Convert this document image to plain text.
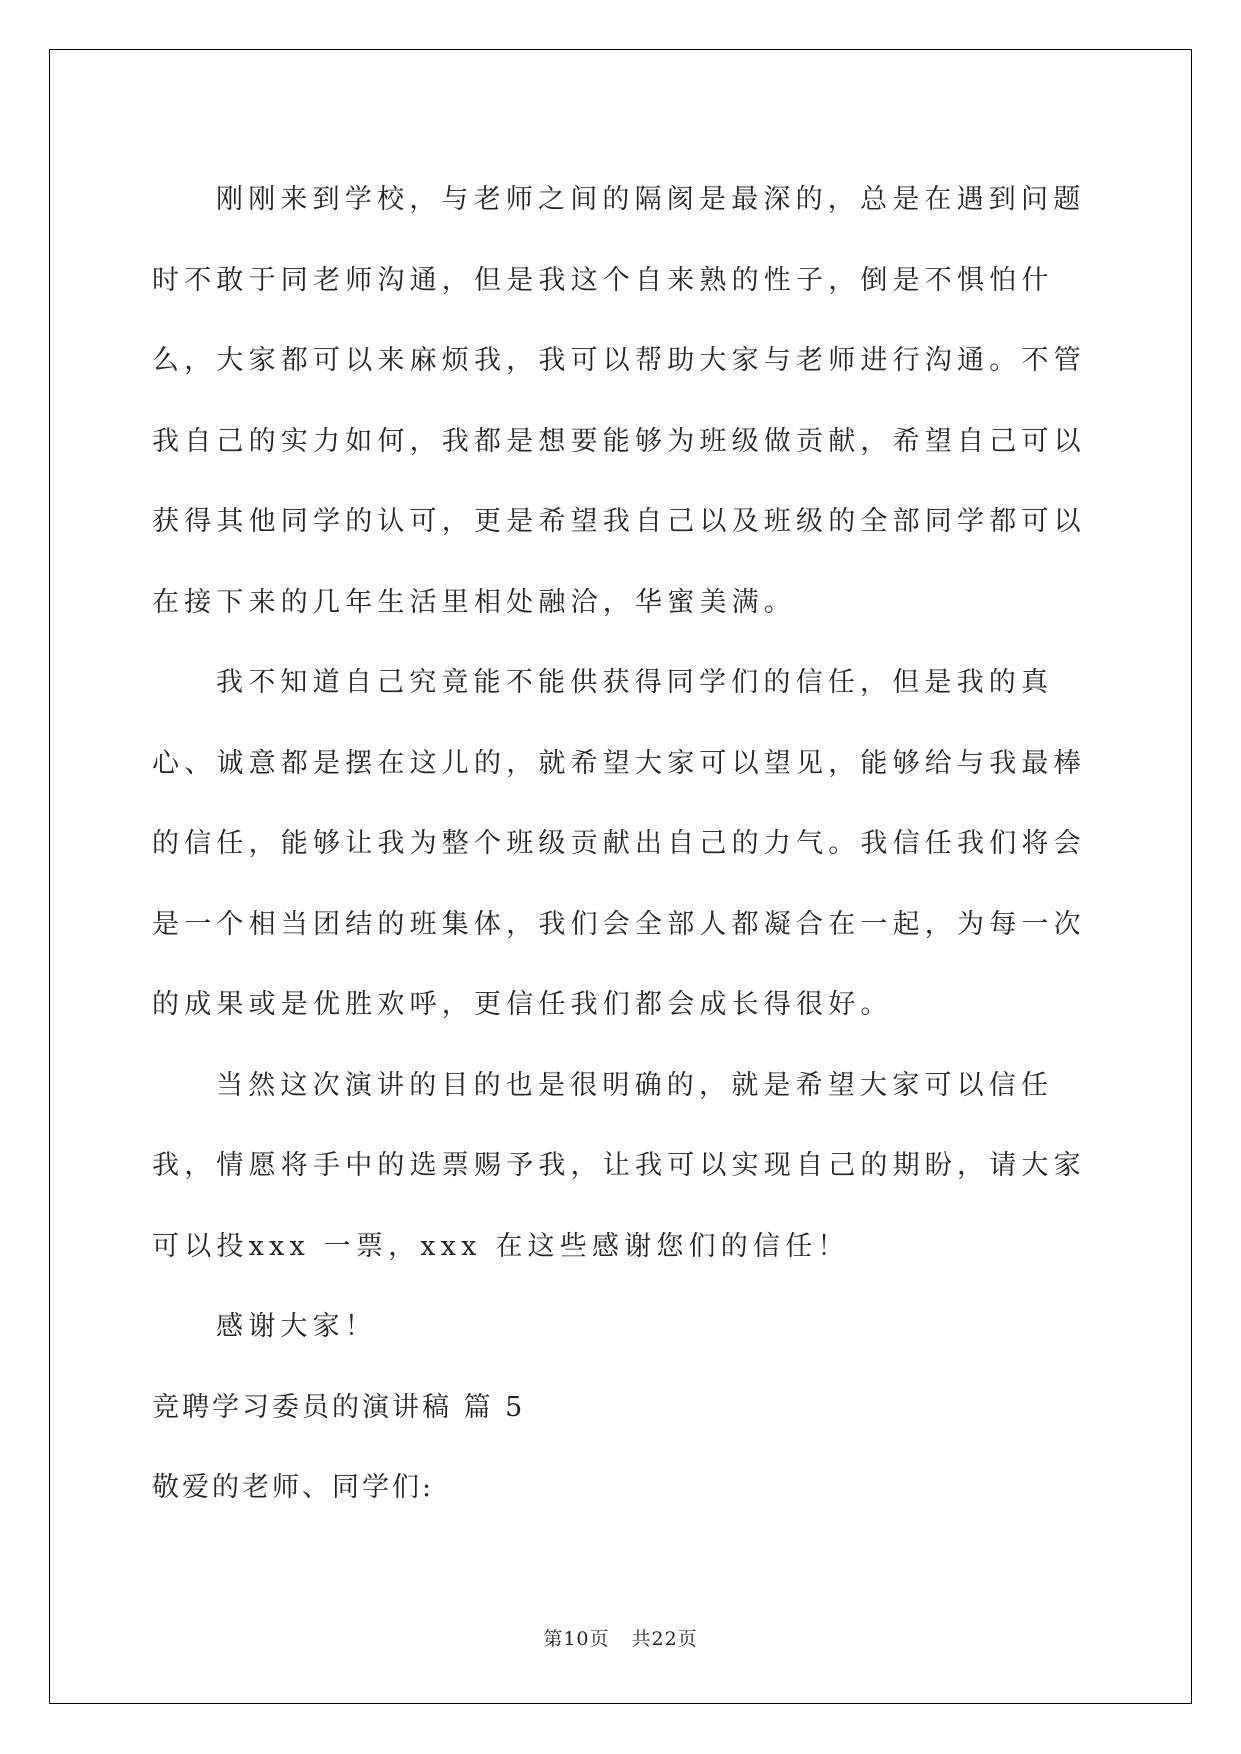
刚刚来到学校，与老师之间的隔阂是最深的，总是在遇到问题时不敢于同老师沟通，但是我这个自来熟的性子，倒是不惧怕什么，大家都可以来麻烦我，我可以帮助大家与老师进行沟通。不管我自己的实力如何，我都是想要能够为班级做贡献，希望自己可以获得其他同学的认可，更是希望我自己以及班级的全部同学都可以在接下来的几年生活里相处融洽，华蜜美满。

我不知道自己究竟能不能供获得同学们的信任，但是我的真心、诚意都是摆在这儿的，就希望大家可以望见，能够给与我最棒的信任，能够让我为整个班级贡献出自己的力气。我信任我们将会是一个相当团结的班集体，我们会全部人都凝合在一起，为每一次的成果或是优胜欢呼，更信任我们都会成长得很好。

当然这次演讲的目的也是很明确的，就是希望大家可以信任我，情愿将手中的选票赐予我，让我可以实现自己的期盼，请大家可以投xxx 一票，xxx 在这些感谢您们的信任！

感谢大家！

竞聘学习委员的演讲稿 篇 5

敬爱的老师、同学们:

第10页 共22页
